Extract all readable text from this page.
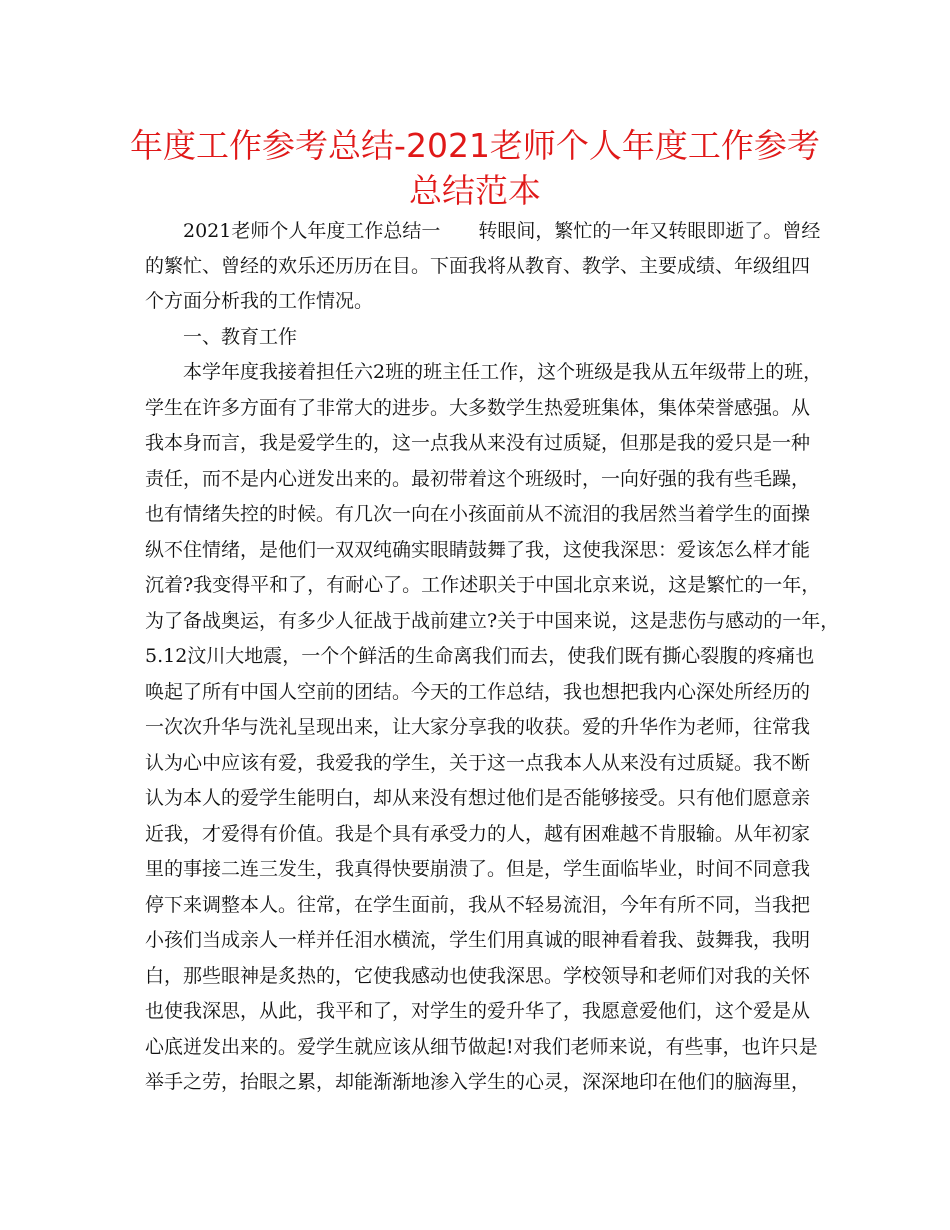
年度工作参考总结-2021老师个人年度工作参考
总结范本

2021老师个人年度工作总结一　　转眼间，繁忙的一年又转眼即逝了。曾经

的繁忙、曾经的欢乐还历历在目。下面我将从教育、教学、主要成绩、年级组四

个方面分析我的工作情况。

一、教育工作

本学年度我接着担任六2班的班主任工作，这个班级是我从五年级带上的班，

学生在许多方面有了非常大的进步。大多数学生热爱班集体，集体荣誉感强。从

我本身而言，我是爱学生的，这一点我从来没有过质疑，但那是我的爱只是一种

责任，而不是内心迸发出来的。最初带着这个班级时，一向好强的我有些毛躁，

也有情绪失控的时候。有几次一向在小孩面前从不流泪的我居然当着学生的面操

纵不住情绪，是他们一双双纯确实眼睛鼓舞了我，这使我深思：爱该怎么样才能

沉着?我变得平和了，有耐心了。工作述职关于中国北京来说，这是繁忙的一年，

为了备战奥运，有多少人征战于战前建立?关于中国来说，这是悲伤与感动的一年，

5.12汶川大地震，一个个鲜活的生命离我们而去，使我们既有撕心裂腹的疼痛也

唤起了所有中国人空前的团结。今天的工作总结，我也想把我内心深处所经历的

一次次升华与洗礼呈现出来，让大家分享我的收获。爱的升华作为老师，往常我

认为心中应该有爱，我爱我的学生，关于这一点我本人从来没有过质疑。我不断

认为本人的爱学生能明白，却从来没有想过他们是否能够接受。只有他们愿意亲

近我，才爱得有价值。我是个具有承受力的人，越有困难越不肯服输。从年初家

里的事接二连三发生，我真得快要崩溃了。但是，学生面临毕业，时间不同意我

停下来调整本人。往常，在学生面前，我从不轻易流泪，今年有所不同，当我把

小孩们当成亲人一样并任泪水横流，学生们用真诚的眼神看着我、鼓舞我，我明

白，那些眼神是炙热的，它使我感动也使我深思。学校领导和老师们对我的关怀

也使我深思，从此，我平和了，对学生的爱升华了，我愿意爱他们，这个爱是从

心底迸发出来的。爱学生就应该从细节做起!对我们老师来说，有些事，也许只是

举手之劳，抬眼之累，却能渐渐地渗入学生的心灵，深深地印在他们的脑海里，
